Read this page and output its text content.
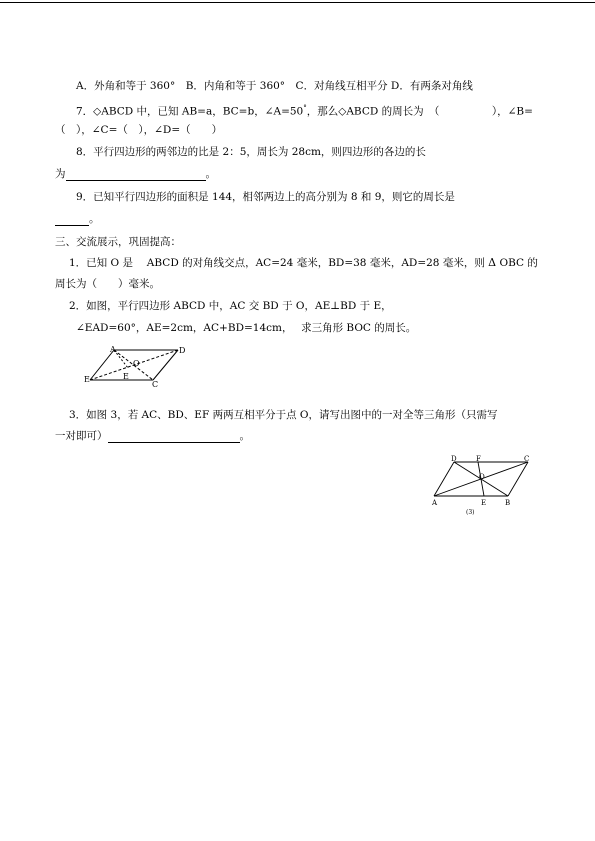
A．外角和等于 360°　B．内角和等于 360°　C．对角线互相平分 D．有两条对角线
7．◇ABCD 中，已知 AB=a，BC=b，∠A=50°，那么◇ABCD 的周长为　（　　　　　），∠B=
（　），∠C=（　），∠D=（　　）
8．平行四边形的两邻边的比是 2：5，周长为 28cm，则四边形的各边的长
为	。
9．已知平行四边形的面积是 144，相邻两边上的高分别为 8 和 9，则它的周长是
。
三、交流展示，巩固提高：
1．已知 O 是　 ABCD 的对角线交点，AC=24 毫米，BD=38 毫米，AD=28 毫米，则 Δ OBC 的
周长为（　　）毫米。
2．如图，平行四边形 ABCD 中，AC 交 BD 于 O，AE⊥BD 于 E，
∠EAD=60°，AE=2cm，AC+BD=14cm，　 求三角形 BOC 的周长。
A	D
E	E
O
C
3．如图 3，若 AC、BD、EF 两两互相平分于点 O，请写出图中的一对全等三角形（只需写
一对即可）	。
D	F	C
O
A	E	B
(3)
